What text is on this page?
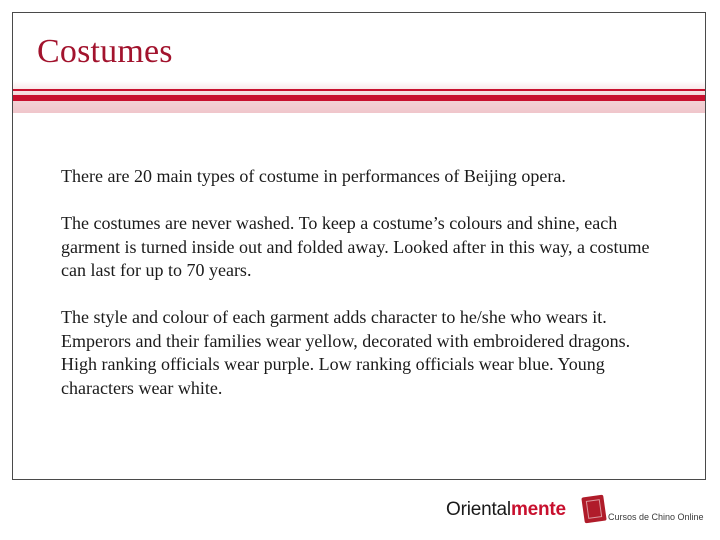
Costumes

There are 20 main types of costume in performances of Beijing opera.

The costumes are never washed. To keep a costume’s colours and shine, each garment is turned inside out and folded away. Looked after in this way, a costume can last for up to 70 years.

The style and colour of each garment adds character to he/she who wears it. Emperors and their families wear yellow, decorated with embroidered dragons. High ranking officials wear purple. Low ranking officials wear blue. Young characters wear white.

Orientalmente	Cursos de Chino Online
